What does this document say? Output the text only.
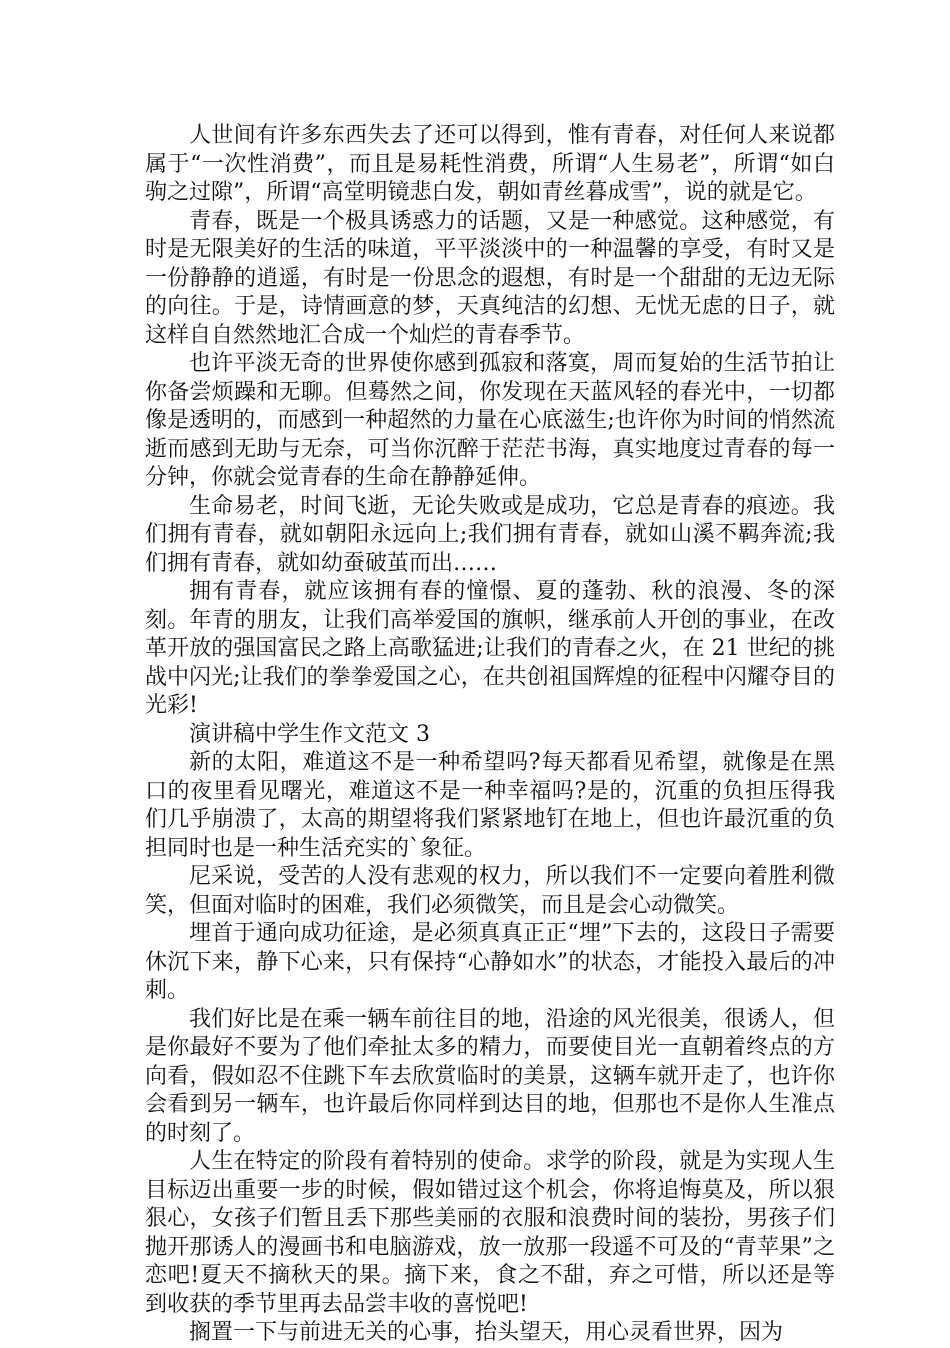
人世间有许多东西失去了还可以得到，惟有青春，对任何人来说都属于“一次性消费”，而且是易耗性消费，所谓“人生易老”，所谓“如白驹之过隙”，所谓“高堂明镜悲白发，朝如青丝暮成雪”，说的就是它。

青春，既是一个极具诱惑力的话题，又是一种感觉。这种感觉，有时是无限美好的生活的味道，平平淡淡中的一种温馨的享受，有时又是一份静静的逍遥，有时是一份思念的遐想，有时是一个甜甜的无边无际的向往。于是，诗情画意的梦，天真纯洁的幻想、无忧无虑的日子，就这样自自然然地汇合成一个灿烂的青春季节。

也许平淡无奇的世界使你感到孤寂和落寞，周而复始的生活节拍让你备尝烦躁和无聊。但蓦然之间，你发现在天蓝风轻的春光中，一切都像是透明的，而感到一种超然的力量在心底滋生;也许你为时间的悄然流逝而感到无助与无奈，可当你沉醉于茫茫书海，真实地度过青春的每一分钟，你就会觉青春的生命在静静延伸。

生命易老，时间飞逝，无论失败或是成功，它总是青春的痕迹。我们拥有青春，就如朝阳永远向上;我们拥有青春，就如山溪不羁奔流;我们拥有青春，就如幼蚕破茧而出……

拥有青春，就应该拥有春的憧憬、夏的蓬勃、秋的浪漫、冬的深刻。年青的朋友，让我们高举爱国的旗帜，继承前人开创的事业，在改革开放的强国富民之路上高歌猛进;让我们的青春之火，在 21 世纪的挑战中闪光;让我们的拳拳爱国之心，在共创祖国辉煌的征程中闪耀夺目的光彩!

演讲稿中学生作文范文 3

新的太阳，难道这不是一种希望吗?每天都看见希望，就像是在黑口的夜里看见曙光，难道这不是一种幸福吗?是的，沉重的负担压得我们几乎崩溃了，太高的期望将我们紧紧地钉在地上，但也许最沉重的负担同时也是一种生活充实的`象征。

尼采说，受苦的人没有悲观的权力，所以我们不一定要向着胜利微笑，但面对临时的困难，我们必须微笑，而且是会心动微笑。

埋首于通向成功征途，是必须真真正正“埋”下去的，这段日子需要休沉下来，静下心来，只有保持“心静如水”的状态，才能投入最后的冲刺。

我们好比是在乘一辆车前往目的地，沿途的风光很美，很诱人，但是你最好不要为了他们牵扯太多的精力，而要使目光一直朝着终点的方向看，假如忍不住跳下车去欣赏临时的美景，这辆车就开走了，也许你会看到另一辆车，也许最后你同样到达目的地，但那也不是你人生准点的时刻了。

人生在特定的阶段有着特别的使命。求学的阶段，就是为实现人生目标迈出重要一步的时候，假如错过这个机会，你将追悔莫及，所以狠狠心，女孩子们暂且丢下那些美丽的衣服和浪费时间的装扮，男孩子们抛开那诱人的漫画书和电脑游戏，放一放那一段遥不可及的“青苹果”之恋吧!夏天不摘秋天的果。摘下来，食之不甜，弃之可惜，所以还是等到收获的季节里再去品尝丰收的喜悦吧!

搁置一下与前进无关的心事，抬头望天，用心灵看世界，因为
